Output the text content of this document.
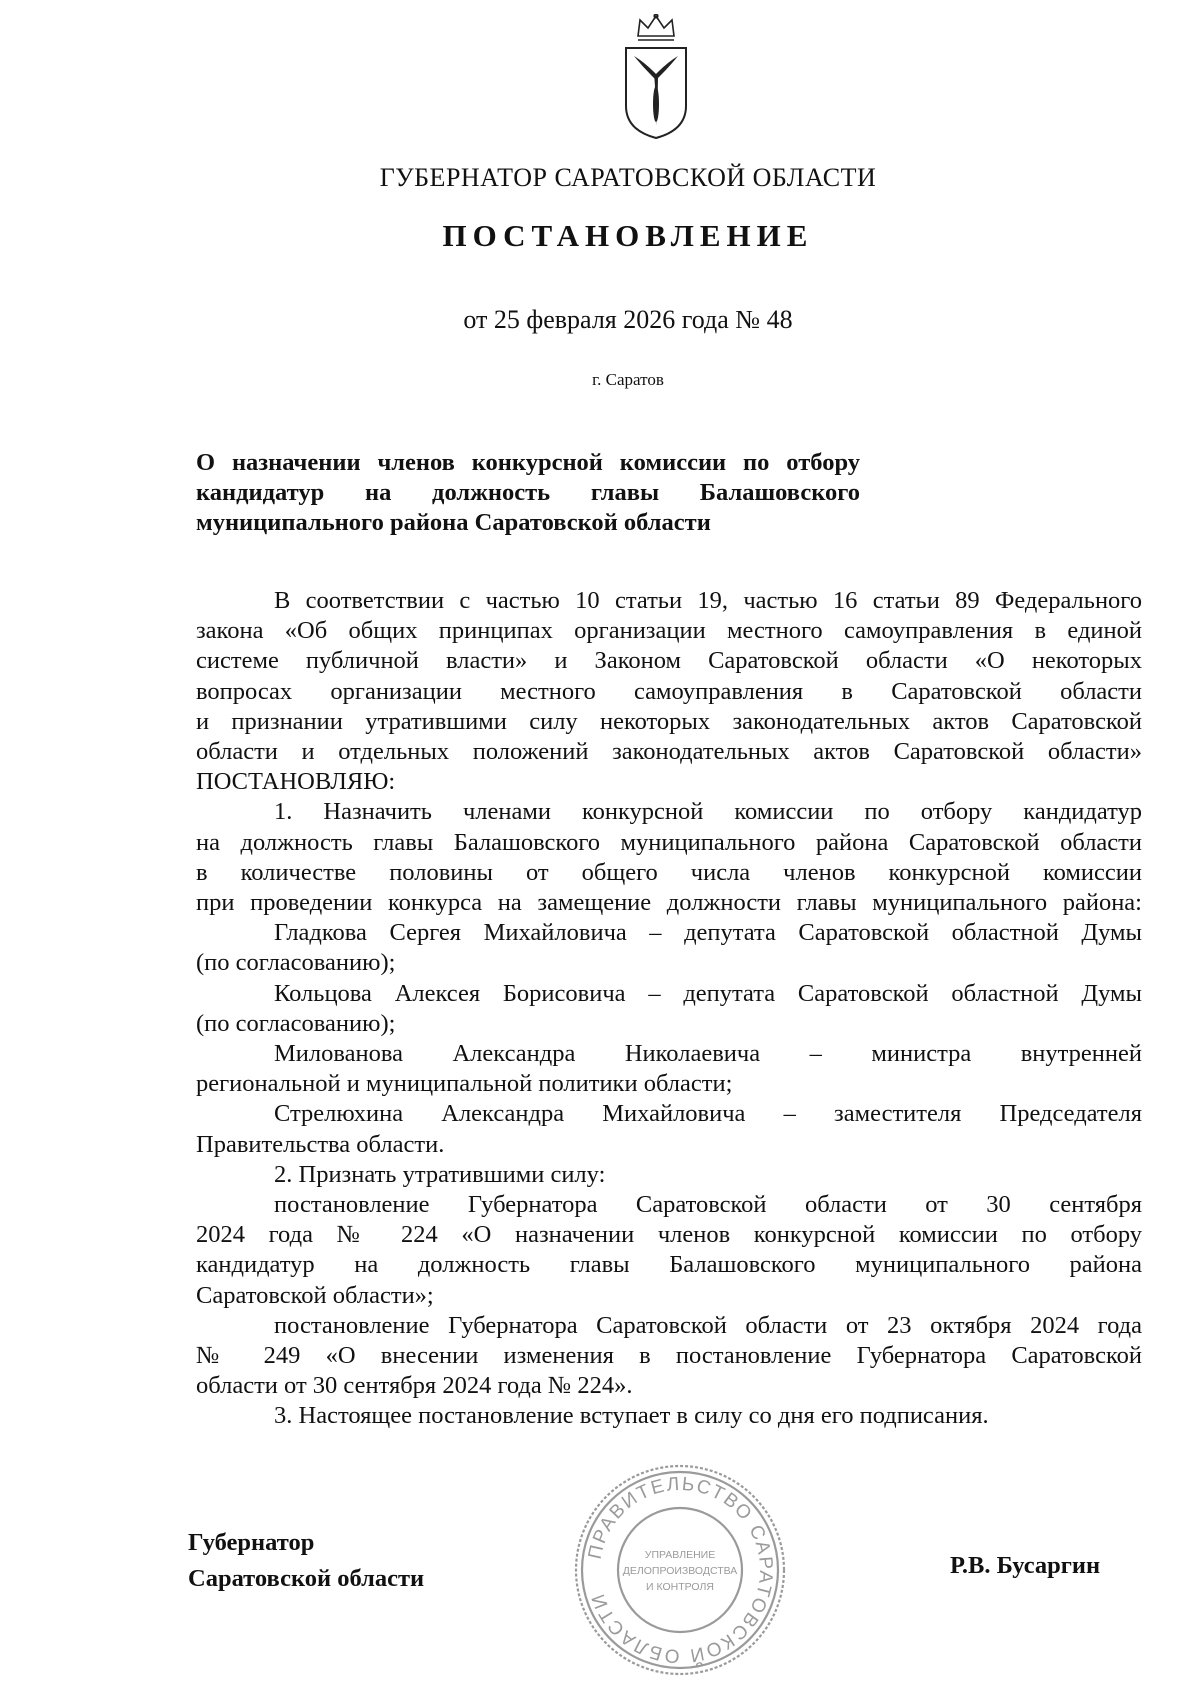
ГУБЕРНАТОР САРАТОВСКОЙ ОБЛАСТИ
ПОСТАНОВЛЕНИЕ
от 25 февраля 2026 года № 48
г. Саратов
О назначении членов конкурсной комиссии по отбору
кандидатур на должность главы Балашовского
муниципального района Саратовской области

В соответствии с частью 10 статьи 19, частью 16 статьи 89 Федерального
закона «Об общих принципах организации местного самоуправления в единой
системе публичной власти» и Законом Саратовской области «О некоторых
вопросах организации местного самоуправления в Саратовской области
и признании утратившими силу некоторых законодательных актов Саратовской
области и отдельных положений законодательных актов Саратовской области»
ПОСТАНОВЛЯЮ:

1. Назначить членами конкурсной комиссии по отбору кандидатур
на должность главы Балашовского муниципального района Саратовской области
в количестве половины от общего числа членов конкурсной комиссии
при проведении конкурса на замещение должности главы муниципального района:

Гладкова Сергея Михайловича – депутата Саратовской областной Думы
(по согласованию);

Кольцова Алексея Борисовича – депутата Саратовской областной Думы
(по согласованию);

Милованова Александра Николаевича – министра внутренней
региональной и муниципальной политики области;

Стрелюхина Александра Михайловича – заместителя Председателя
Правительства области.

2. Признать утратившими силу:

постановление Губернатора Саратовской области от 30 сентября
2024 года № 224 «О назначении членов конкурсной комиссии по отбору
кандидатур на должность главы Балашовского муниципального района
Саратовской области»;

постановление Губернатора Саратовской области от 23 октября 2024 года
№ 249 «О внесении изменения в постановление Губернатора Саратовской
области от 30 сентября 2024 года № 224».

3. Настоящее постановление вступает в силу со дня его подписания.

Губернатор
Саратовской области
ПРАВИТЕЛЬСТВО САРАТОВСКОЙ ОБЛАСТИ
УПРАВЛЕНИЕ
ДЕЛОПРОИЗВОДСТВА
И КОНТРОЛЯ
Р.В. Бусаргин
